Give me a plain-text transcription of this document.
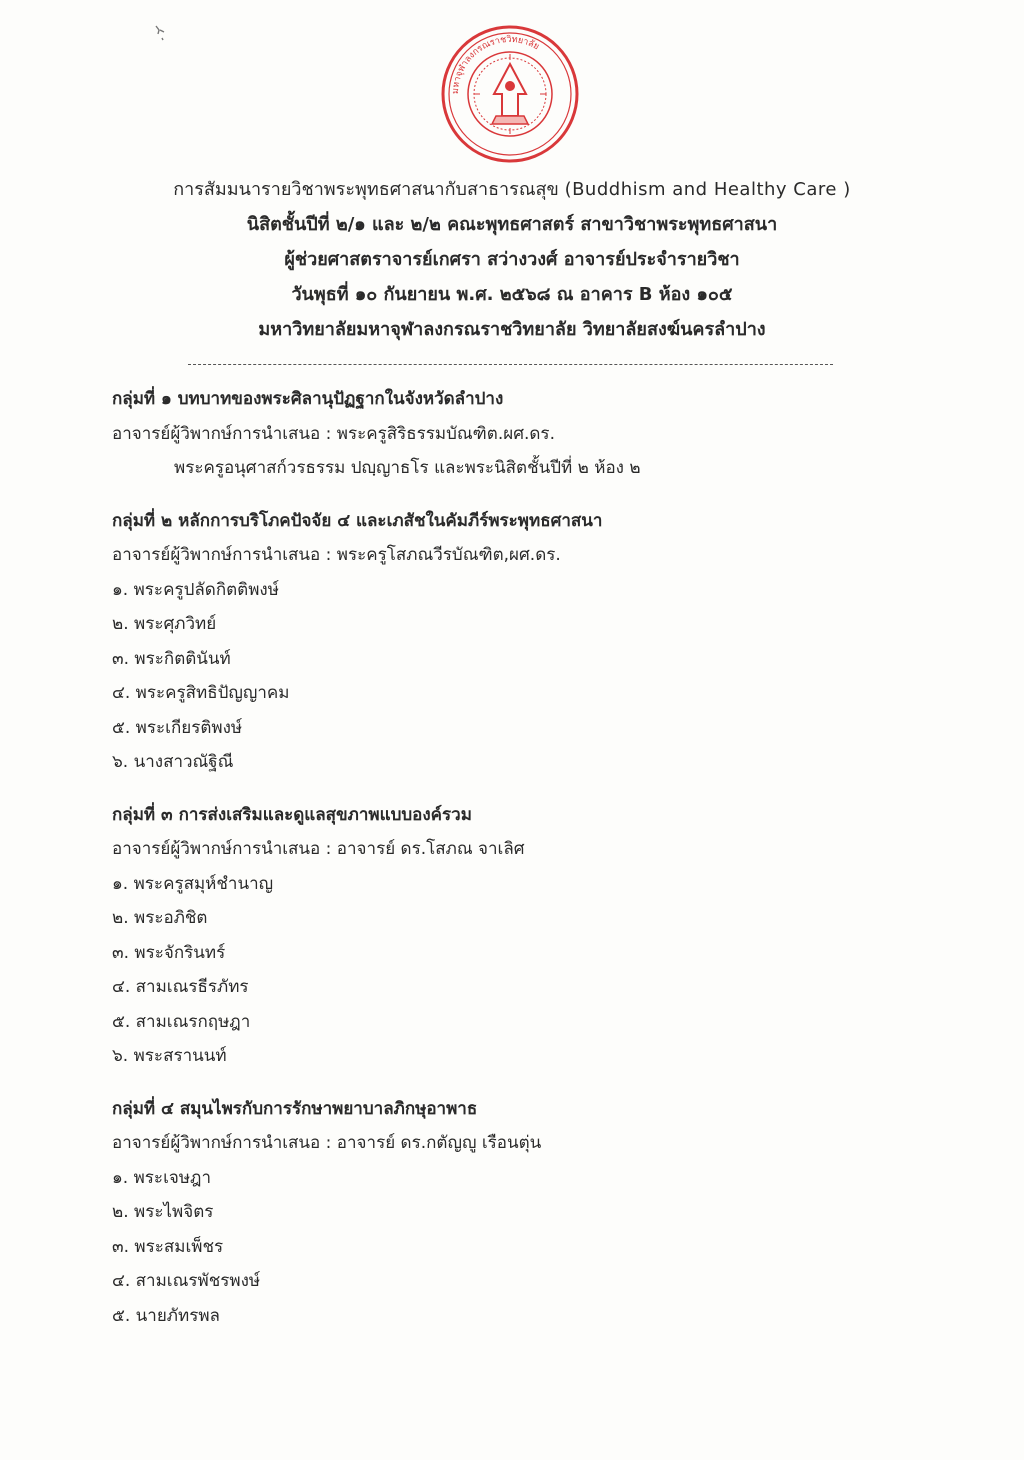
มหาจุฬาลงกรณราชวิทยาลัย
การสัมมนารายวิชาพระพุทธศาสนากับสาธารณสุข (Buddhism and Healthy Care )
นิสิตชั้นปีที่ ๒/๑ และ ๒/๒ คณะพุทธศาสตร์ สาขาวิชาพระพุทธศาสนา
ผู้ช่วยศาสตราจารย์เกศรา สว่างวงศ์ อาจารย์ประจำรายวิชา
วันพุธที่ ๑๐ กันยายน พ.ศ. ๒๕๖๘ ณ อาคาร B ห้อง ๑๐๕
มหาวิทยาลัยมหาจุฬาลงกรณราชวิทยาลัย วิทยาลัยสงฆ์นครลำปาง
กลุ่มที่ ๑ บทบาทของพระศิลานุปัฏฐากในจังหวัดลำปาง
อาจารย์ผู้วิพากษ์การนำเสนอ : พระครูสิริธรรมบัณฑิต.ผศ.ดร.
พระครูอนุศาสก์วรธรรม ปญฺญาธโร และพระนิสิตชั้นปีที่ ๒ ห้อง ๒
กลุ่มที่ ๒ หลักการบริโภคปัจจัย ๔ และเภสัชในคัมภีร์พระพุทธศาสนา
อาจารย์ผู้วิพากษ์การนำเสนอ : พระครูโสภณวีรบัณฑิต,ผศ.ดร.
๑. พระครูปลัดกิตติพงษ์
๒. พระศุภวิทย์
๓. พระกิตตินันท์
๔. พระครูสิทธิปัญญาคม
๕. พระเกียรติพงษ์
๖. นางสาวณัฐิณี
กลุ่มที่ ๓ การส่งเสริมและดูแลสุขภาพแบบองค์รวม
อาจารย์ผู้วิพากษ์การนำเสนอ : อาจารย์ ดร.โสภณ จาเลิศ
๑. พระครูสมุห์ชำนาญ
๒. พระอภิชิต
๓. พระจักรินทร์
๔. สามเณรธีรภัทร
๕. สามเณรกฤษฎา
๖. พระสรานนท์
กลุ่มที่ ๔ สมุนไพรกับการรักษาพยาบาลภิกษุอาพาธ
อาจารย์ผู้วิพากษ์การนำเสนอ : อาจารย์ ดร.กตัญญู เรือนตุ่น
๑. พระเจษฎา
๒. พระไพจิตร
๓. พระสมเพ็ชร
๔. สามเณรพัชรพงษ์
๕. นายภัทรพล
